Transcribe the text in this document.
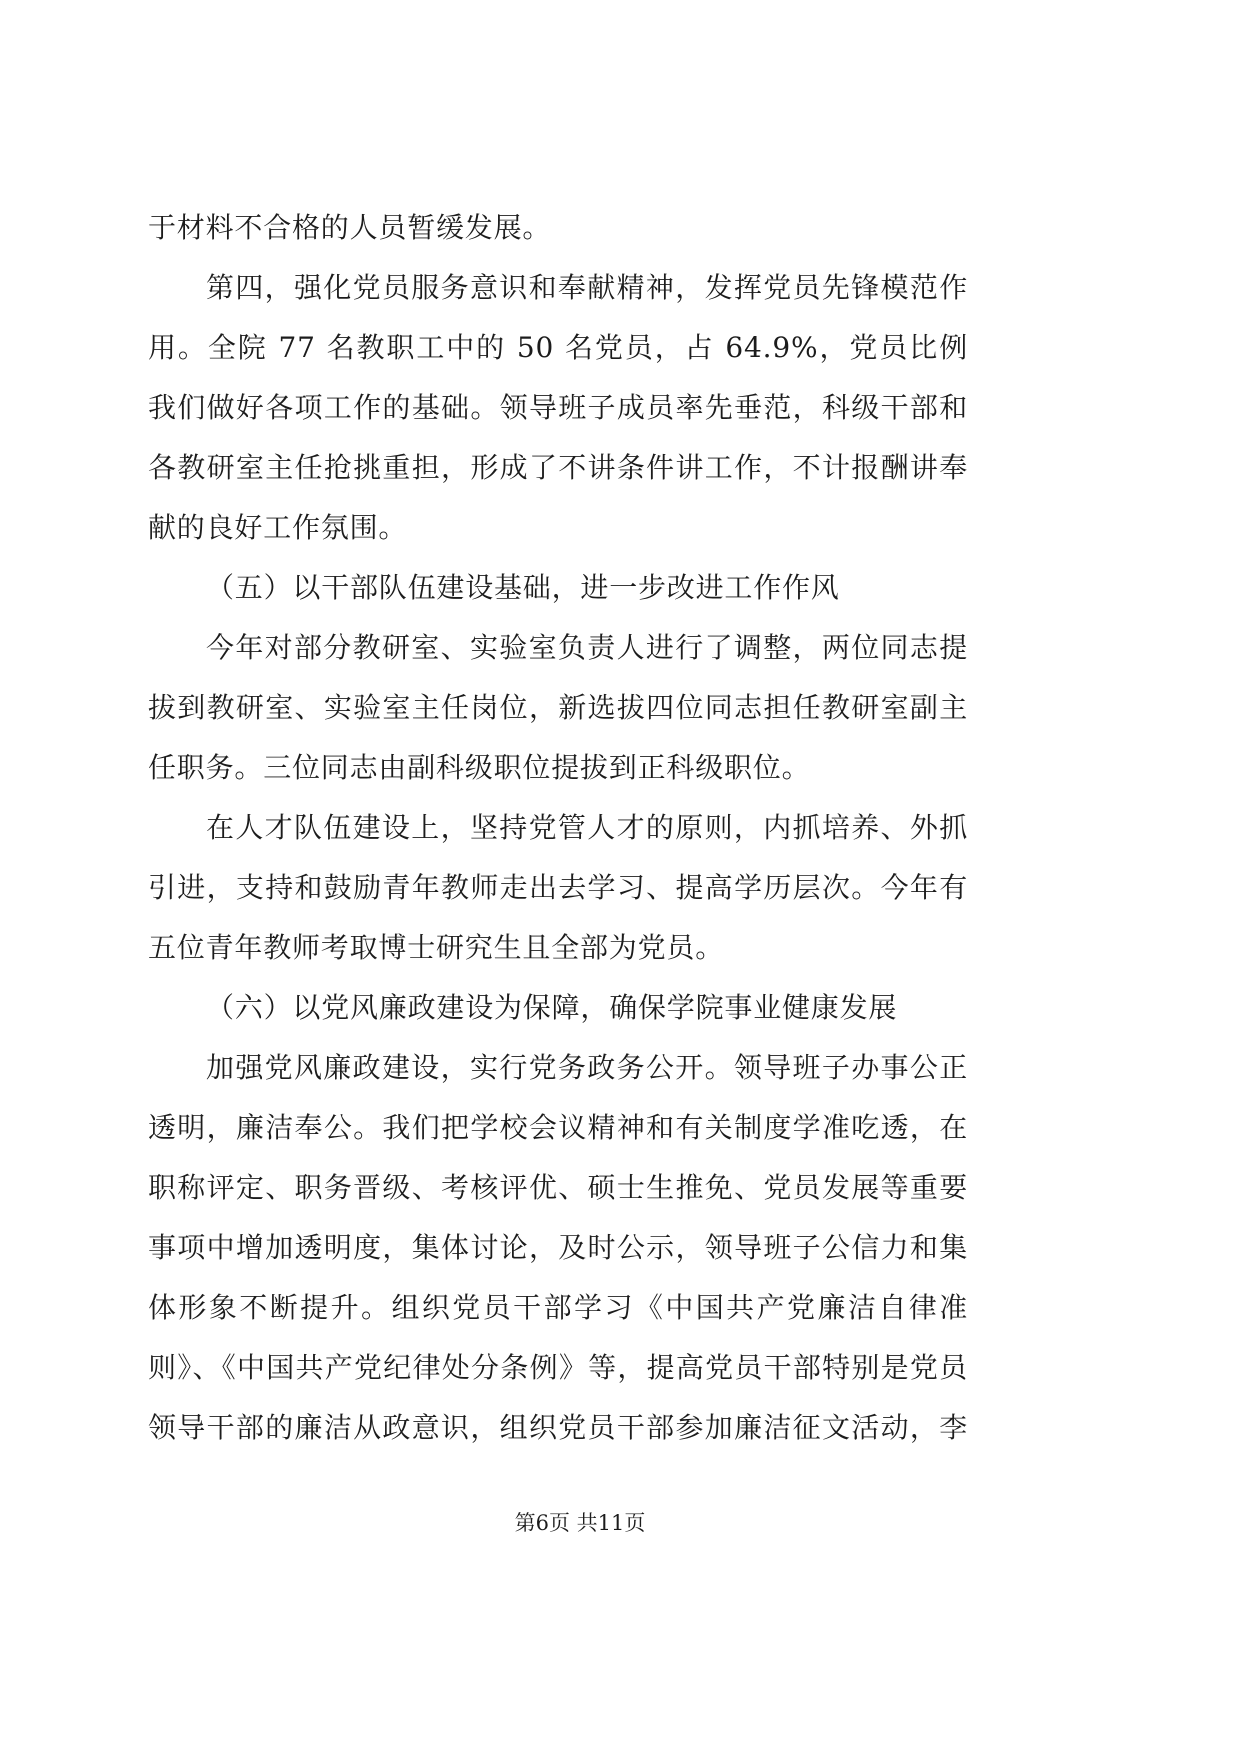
于材料不合格的人员暂缓发展。
第四，强化党员服务意识和奉献精神，发挥党员先锋模范作
用。全院 77 名教职工中的 50 名党员，占 64.9%，党员比例
我们做好各项工作的基础。领导班子成员率先垂范，科级干部和
各教研室主任抢挑重担，形成了不讲条件讲工作，不计报酬讲奉
献的良好工作氛围。
（五）以干部队伍建设基础，进一步改进工作作风
今年对部分教研室、实验室负责人进行了调整，两位同志提
拔到教研室、实验室主任岗位，新选拔四位同志担任教研室副主
任职务。三位同志由副科级职位提拔到正科级职位。
在人才队伍建设上，坚持党管人才的原则，内抓培养、外抓
引进，支持和鼓励青年教师走出去学习、提高学历层次。今年有
五位青年教师考取博士研究生且全部为党员。
（六）以党风廉政建设为保障，确保学院事业健康发展
加强党风廉政建设，实行党务政务公开。领导班子办事公正
透明，廉洁奉公。我们把学校会议精神和有关制度学准吃透，在
职称评定、职务晋级、考核评优、硕士生推免、党员发展等重要
事项中增加透明度，集体讨论，及时公示，领导班子公信力和集
体形象不断提升。组织党员干部学习《中国共产党廉洁自律准
则》、《中国共产党纪律处分条例》等，提高党员干部特别是党员
领导干部的廉洁从政意识，组织党员干部参加廉洁征文活动，李
第6页 共11页
